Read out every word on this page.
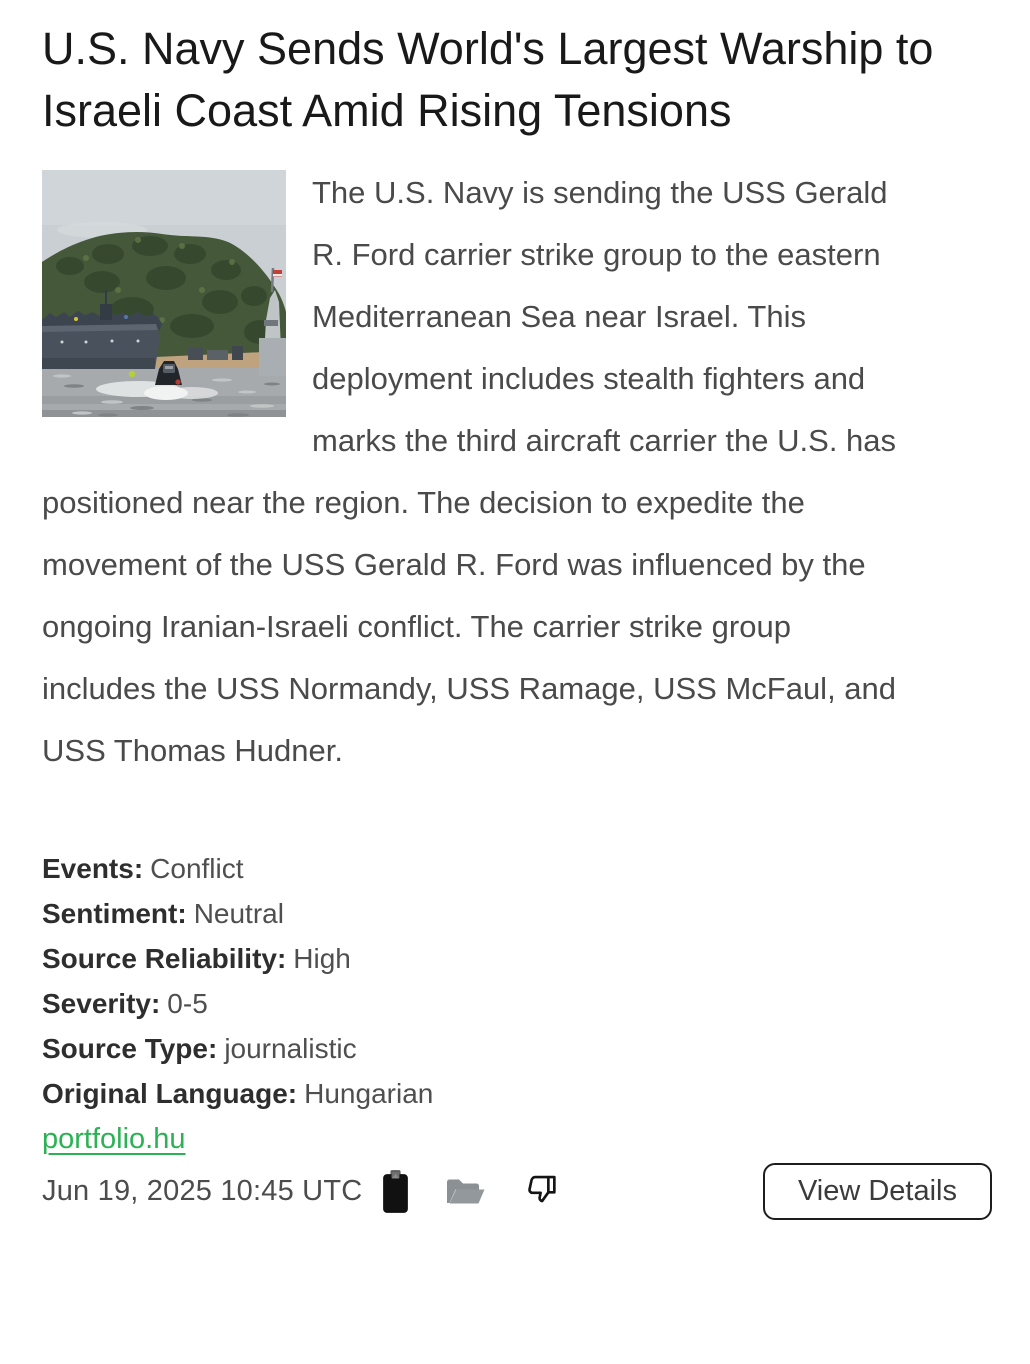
U.S. Navy Sends World's Largest Warship to Israeli Coast Amid Rising Tensions

The U.S. Navy is sending the USS Gerald R. Ford carrier strike group to the eastern Mediterranean Sea near Israel. This deployment includes stealth fighters and marks the third aircraft carrier the U.S. has positioned near the region. The decision to expedite the movement of the USS Gerald R. Ford was influenced by the ongoing Iranian-Israeli conflict. The carrier strike group includes the USS Normandy, USS Ramage, USS McFaul, and USS Thomas Hudner.

Events: Conflict
Sentiment: Neutral
Source Reliability: High
Severity: 0-5
Source Type: journalistic
Original Language: Hungarian
portfolio.hu
Jun 19, 2025 10:45 UTC	View Details
